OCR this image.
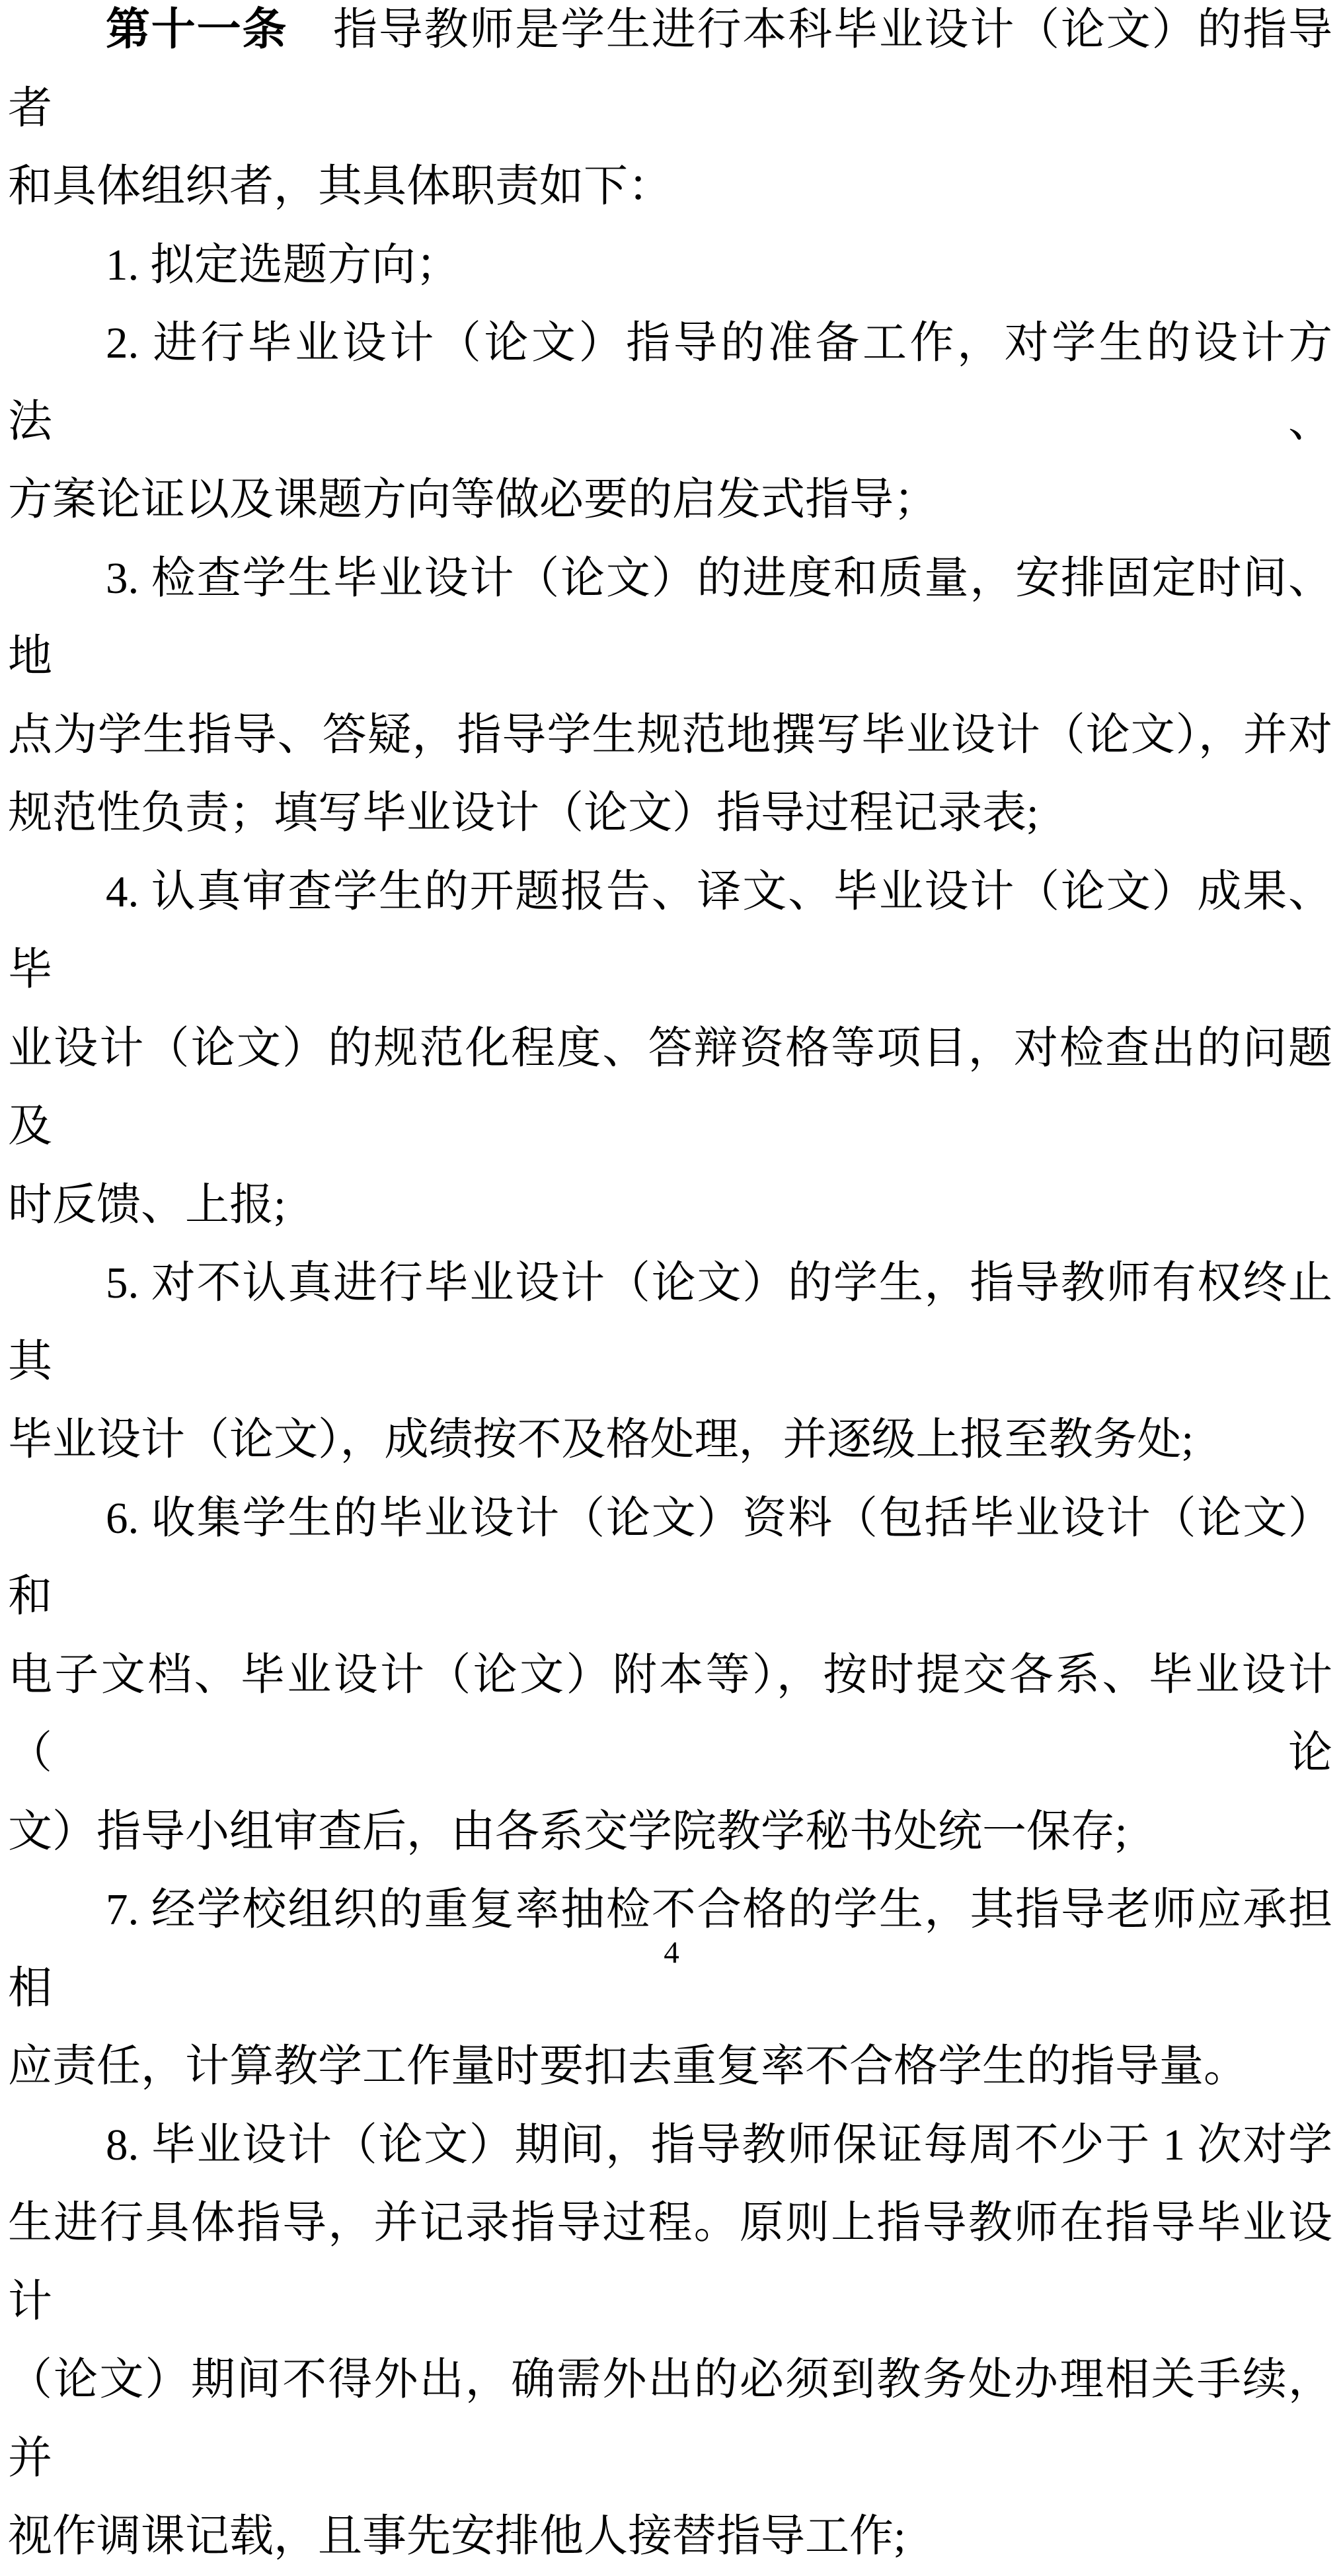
第十一条　指导教师是学生进行本科毕业设计（论文）的指导者
和具体组织者，其具体职责如下：
1. 拟定选题方向；
2. 进行毕业设计（论文）指导的准备工作，对学生的设计方法、
方案论证以及课题方向等做必要的启发式指导；
3. 检查学生毕业设计（论文）的进度和质量，安排固定时间、地
点为学生指导、答疑，指导学生规范地撰写毕业设计（论文），并对
规范性负责；填写毕业设计（论文）指导过程记录表;
4. 认真审查学生的开题报告、译文、毕业设计（论文）成果、毕
业设计（论文）的规范化程度、答辩资格等项目，对检查出的问题及
时反馈、上报;
5. 对不认真进行毕业设计（论文）的学生，指导教师有权终止其
毕业设计（论文），成绩按不及格处理，并逐级上报至教务处;
6. 收集学生的毕业设计（论文）资料（包括毕业设计（论文）和
电子文档、毕业设计（论文）附本等），按时提交各系、毕业设计（论
文）指导小组审查后，由各系交学院教学秘书处统一保存;
7. 经学校组织的重复率抽检不合格的学生，其指导老师应承担相
应责任，计算教学工作量时要扣去重复率不合格学生的指导量。
8. 毕业设计（论文）期间，指导教师保证每周不少于 1 次对学
生进行具体指导，并记录指导过程。原则上指导教师在指导毕业设计
（论文）期间不得外出，确需外出的必须到教务处办理相关手续，并
视作调课记载，且事先安排他人接替指导工作;
4
